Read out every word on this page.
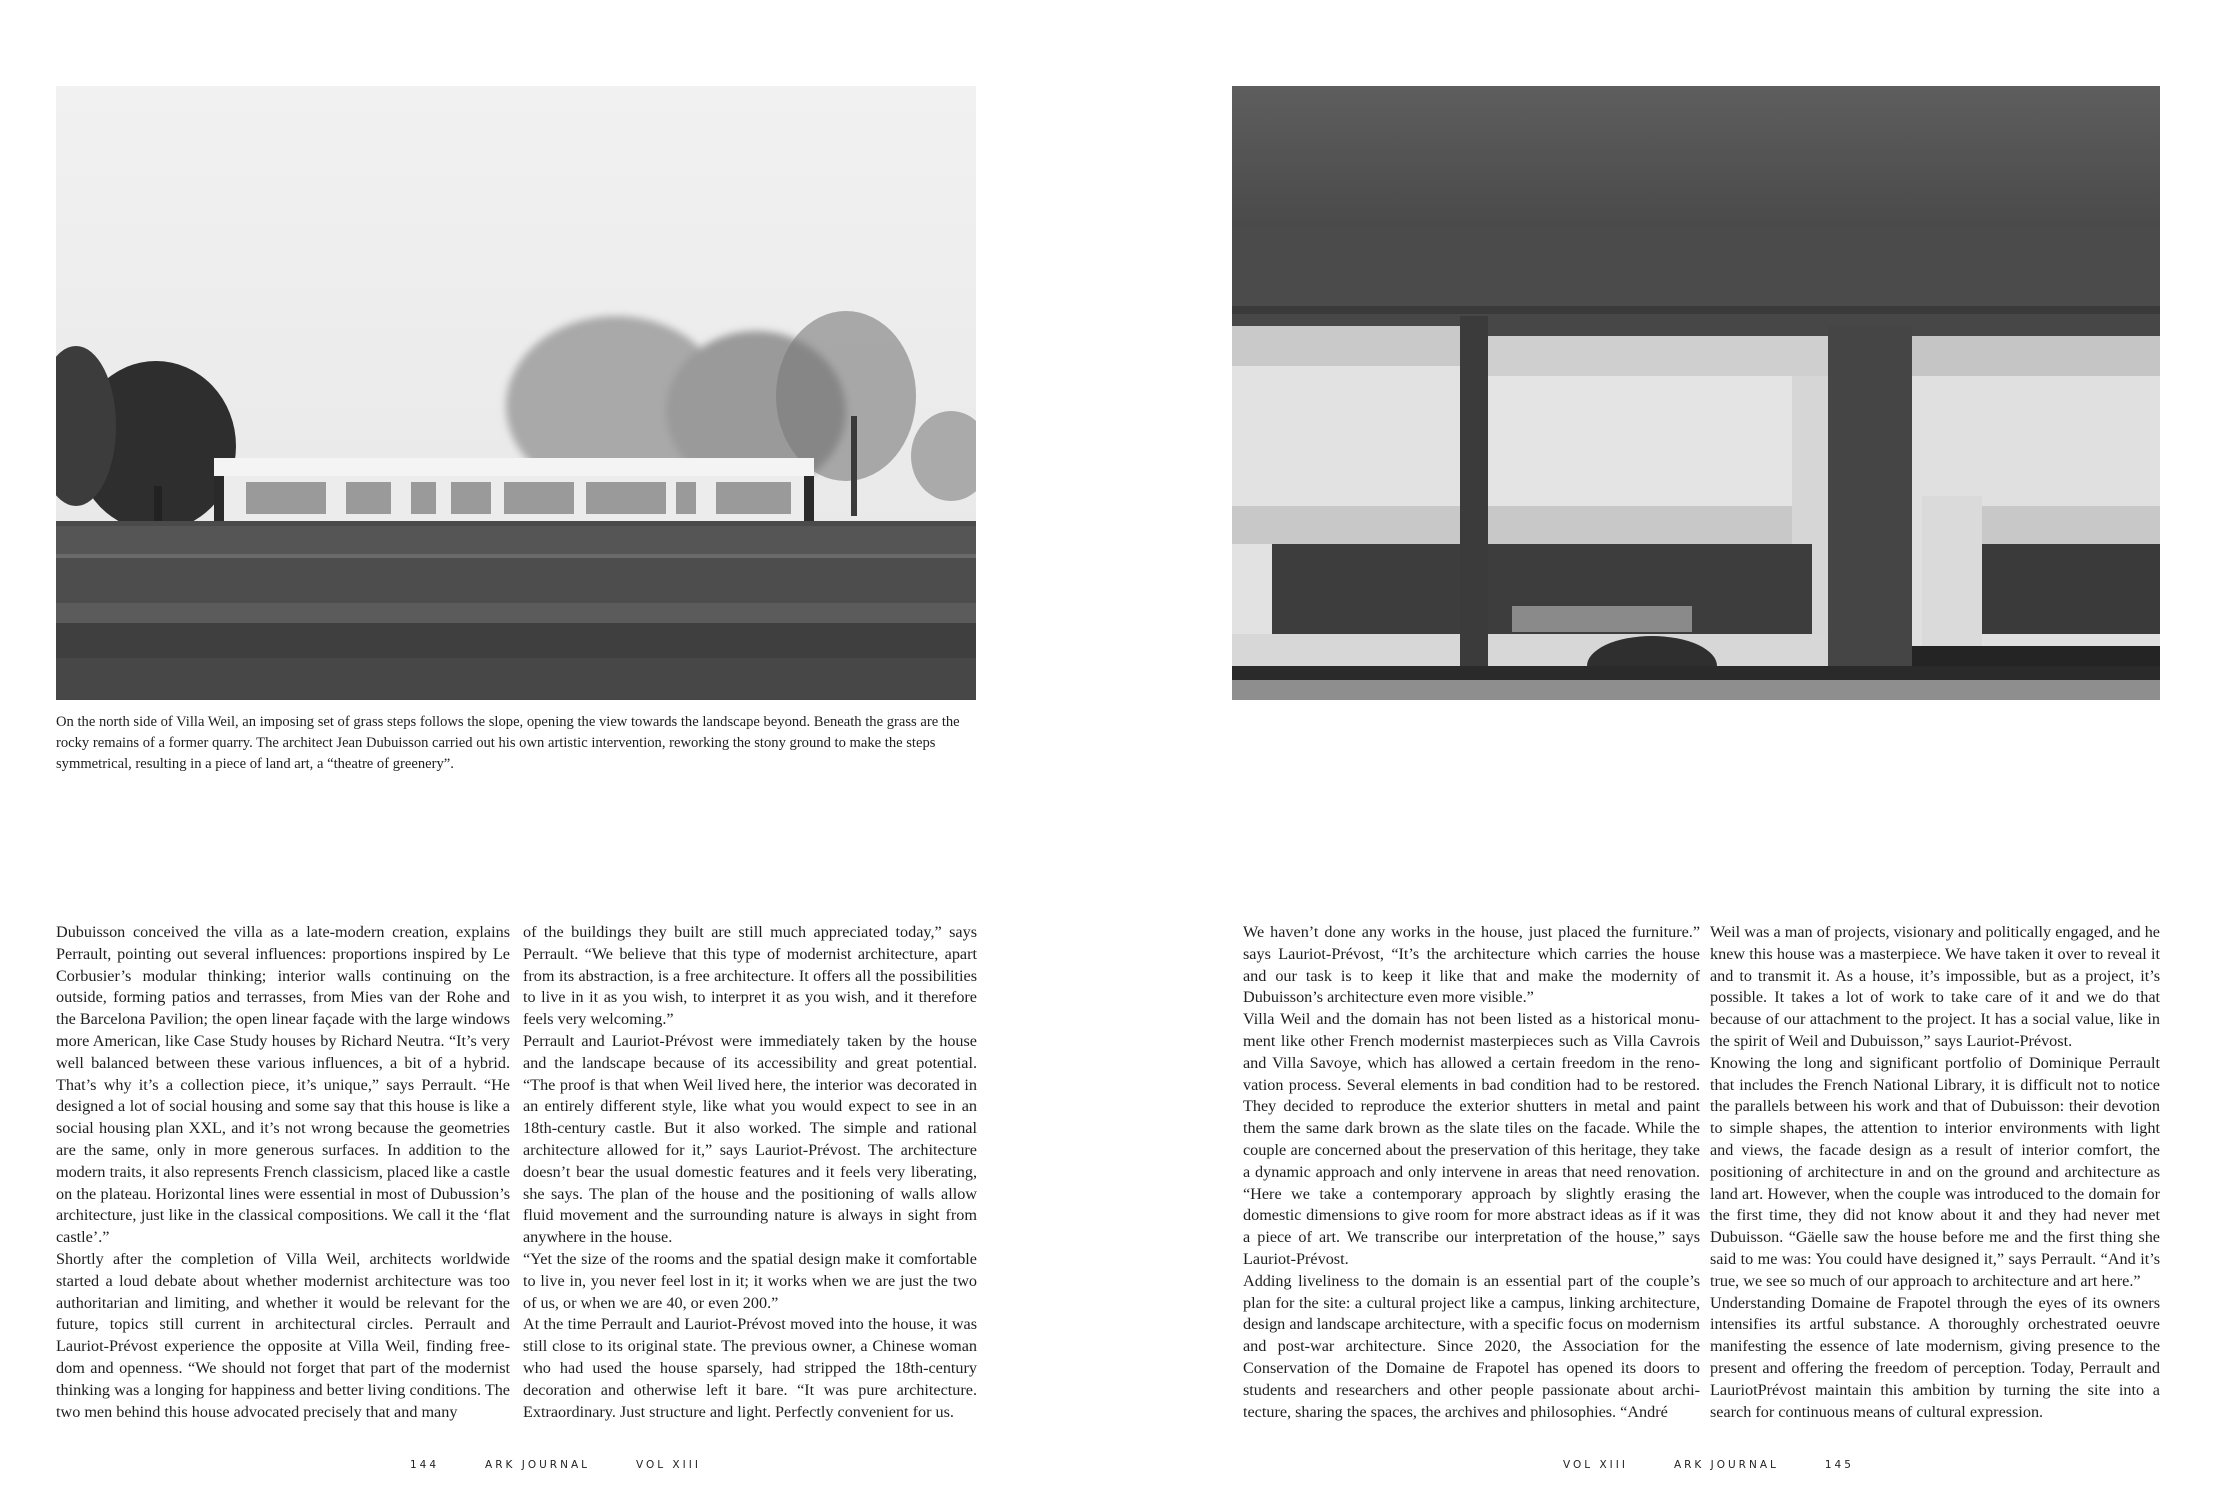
On the north side of Villa Weil, an imposing set of grass steps follows the slope, opening the view towards the landscape beyond. Beneath the grass are the rocky remains of a former quarry. The architect Jean Dubuisson carried out his own artistic intervention, reworking the stony ground to make the steps symmetrical, resulting in a piece of land art, a “theatre of greenery”.

Dubuisson conceived the villa as a late-modern creation, explains Perrault, pointing out several influences: proportions inspired by Le Corbusier’s modular thinking; interior walls continuing on the outside, forming patios and terrasses, from Mies van der Rohe and the Barcelona Pavilion; the open linear façade with the large windows more American, like Case Study houses by Richard Neutra. “It’s very well balanced between these various influences, a bit of a hybrid. That’s why it’s a collection piece, it’s unique,” says Perrault. “He designed a lot of social housing and some say that this house is like a social housing plan XXL, and it’s not wrong because the geometries are the same, only in more generous surfaces. In addition to the modern traits, it also represents French classicism, placed like a castle on the plateau. Horizontal lines were essential in most of Dubussion’s architecture, just like in the classical compositions. We call it the ‘flat castle’.”

Shortly after the completion of Villa Weil, architects worldwide started a loud debate about whether modernist architecture was too authoritarian and limiting, and whether it would be relevant for the future, topics still current in architectural circles. Perrault and Lauriot-Prévost experience the opposite at Villa Weil, finding freedom and openness. “We should not forget that part of the modernist thinking was a longing for happiness and better living conditions. The two men behind this house advocated precisely that and many

of the buildings they built are still much appreciated today,” says Perrault. “We believe that this type of modernist architecture, apart from its abstraction, is a free architecture. It offers all the possibilities to live in it as you wish, to interpret it as you wish, and it therefore feels very welcoming.”

Perrault and Lauriot-Prévost were immediately taken by the house and the landscape because of its accessibility and great potential. “The proof is that when Weil lived here, the interior was decorated in an entirely different style, like what you would expect to see in an 18th-century castle. But it also worked. The simple and rational architecture allowed for it,” says Lauriot-Prévost. The architecture doesn’t bear the usual domestic features and it feels very liberating, she says. The plan of the house and the positioning of walls allow fluid movement and the surrounding nature is always in sight from anywhere in the house.

“Yet the size of the rooms and the spatial design make it comfortable to live in, you never feel lost in it; it works when we are just the two of us, or when we are 40, or even 200.”

At the time Perrault and Lauriot-Prévost moved into the house, it was still close to its original state. The previous owner, a Chinese woman who had used the house sparsely, had stripped the 18th-century decoration and otherwise left it bare. “It was pure architecture. Extraordinary. Just structure and light. Perfectly convenient for us.

144	ARK JOURNAL	VOL XIII

We haven’t done any works in the house, just placed the furniture.” says Lauriot-Prévost, “It’s the architecture which carries the house and our task is to keep it like that and make the modernity of Dubuisson’s architecture even more visible.”

Villa Weil and the domain has not been listed as a historical monument like other French modernist masterpieces such as Villa Cavrois and Villa Savoye, which has allowed a certain freedom in the renovation process. Several elements in bad condition had to be restored. They decided to reproduce the exterior shutters in metal and paint them the same dark brown as the slate tiles on the facade. While the couple are concerned about the preservation of this heritage, they take a dynamic approach and only intervene in areas that need renovation. “Here we take a contemporary approach by slightly erasing the domestic dimensions to give room for more abstract ideas as if it was a piece of art. We transcribe our interpretation of the house,” says Lauriot-Prévost.

Adding liveliness to the domain is an essential part of the couple’s plan for the site: a cultural project like a campus, linking architecture, design and landscape architecture, with a specific focus on modernism and post-war architecture. Since 2020, the Association for the Conservation of the Domaine de Frapotel has opened its doors to students and researchers and other people passionate about architecture, sharing the spaces, the archives and philosophies. “André

Weil was a man of projects, visionary and politically engaged, and he knew this house was a masterpiece. We have taken it over to reveal it and to transmit it. As a house, it’s impossible, but as a project, it’s possible. It takes a lot of work to take care of it and we do that because of our attachment to the project. It has a social value, like in the spirit of Weil and Dubuisson,” says Lauriot-Prévost.

Knowing the long and significant portfolio of Dominique Perrault that includes the French National Library, it is difficult not to notice the parallels between his work and that of Dubuisson: their devotion to simple shapes, the attention to interior environments with light and views, the facade design as a result of interior comfort, the positioning of architecture in and on the ground and architecture as land art. However, when the couple was introduced to the domain for the first time, they did not know about it and they had never met Dubuisson. “Gäelle saw the house before me and the first thing she said to me was: You could have designed it,” says Perrault. “And it’s true, we see so much of our approach to architecture and art here.”

Understanding Domaine de Frapotel through the eyes of its owners intensifies its artful substance. A thoroughly orchestrated oeuvre manifesting the essence of late modernism, giving presence to the present and offering the freedom of perception. Today, Perrault and LauriotPrévost maintain this ambition by turning the site into a search for continuous means of cultural expression.

VOL XIII	ARK JOURNAL	145
